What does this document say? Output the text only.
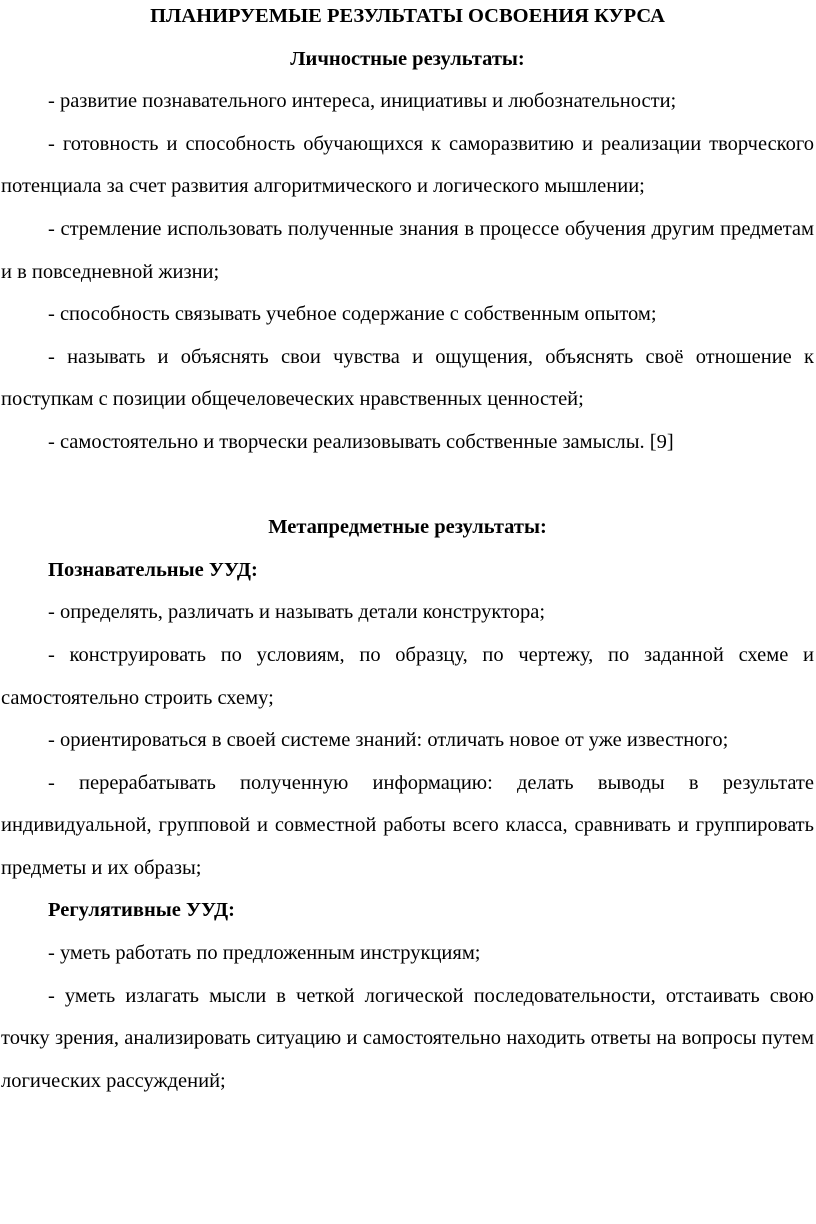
ПЛАНИРУЕМЫЕ РЕЗУЛЬТАТЫ ОСВОЕНИЯ КУРСА

Личностные результаты:

- развитие познавательного интереса, инициативы и любознательности;

- готовность и способность обучающихся к саморазвитию и реализации творческого потенциала за счет развития алгоритмического и логического мышлении;

- стремление использовать полученные знания в процессе обучения другим предметам и в повседневной жизни;

- способность связывать учебное содержание с собственным опытом;

- называть и объяснять свои чувства и ощущения, объяснять своё отношение к поступкам с позиции общечеловеческих нравственных ценностей;

- самостоятельно и творчески реализовывать собственные замыслы. [9]

Метапредметные результаты:

Познавательные УУД:

- определять, различать и называть детали конструктора;

- конструировать по условиям, по образцу, по чертежу, по заданной схеме и самостоятельно строить схему;

- ориентироваться в своей системе знаний: отличать новое от уже известного;

- перерабатывать полученную информацию: делать выводы в результате индивидуальной, групповой и совместной работы всего класса, сравнивать и группировать предметы и их образы;

Регулятивные УУД:

- уметь работать по предложенным инструкциям;

- уметь излагать мысли в четкой логической последовательности, отстаивать свою точку зрения, анализировать ситуацию и самостоятельно находить ответы на вопросы путем логических рассуждений;
